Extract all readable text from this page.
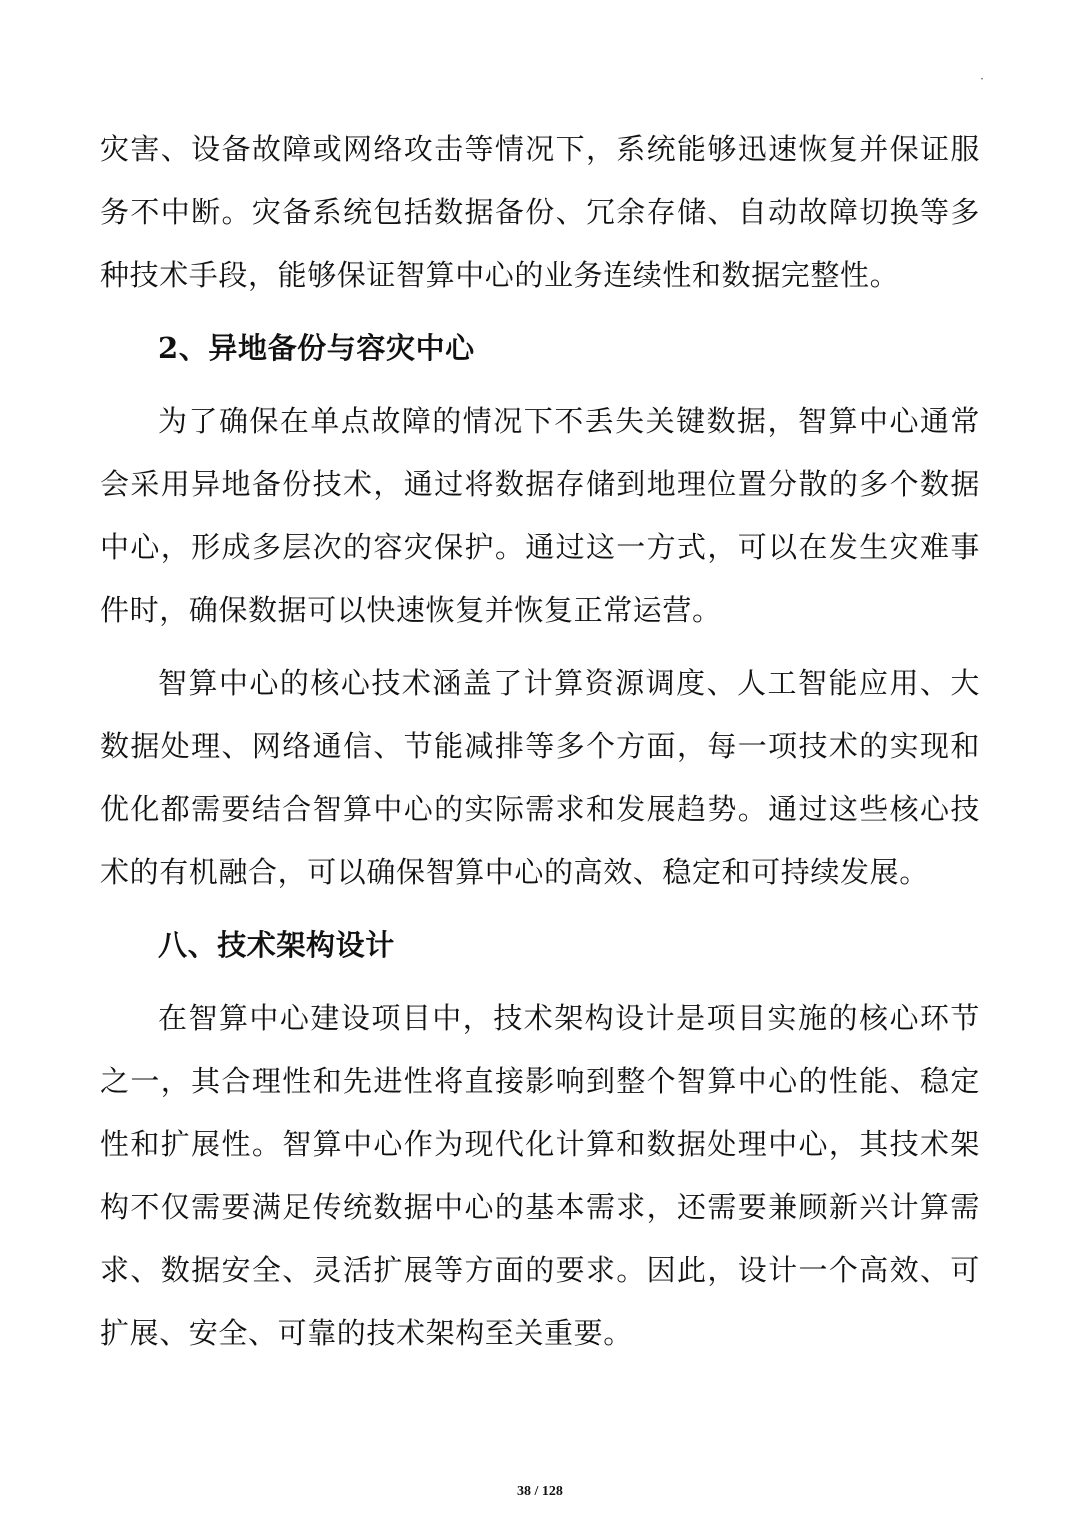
·

灾害、设备故障或网络攻击等情况下，系统能够迅速恢复并保证服务不中断。灾备系统包括数据备份、冗余存储、自动故障切换等多种技术手段，能够保证智算中心的业务连续性和数据完整性。

2、异地备份与容灾中心

为了确保在单点故障的情况下不丢失关键数据，智算中心通常会采用异地备份技术，通过将数据存储到地理位置分散的多个数据中心，形成多层次的容灾保护。通过这一方式，可以在发生灾难事件时，确保数据可以快速恢复并恢复正常运营。

智算中心的核心技术涵盖了计算资源调度、人工智能应用、大数据处理、网络通信、节能减排等多个方面，每一项技术的实现和优化都需要结合智算中心的实际需求和发展趋势。通过这些核心技术的有机融合，可以确保智算中心的高效、稳定和可持续发展。

八、技术架构设计

在智算中心建设项目中，技术架构设计是项目实施的核心环节之一，其合理性和先进性将直接影响到整个智算中心的性能、稳定性和扩展性。智算中心作为现代化计算和数据处理中心，其技术架构不仅需要满足传统数据中心的基本需求，还需要兼顾新兴计算需求、数据安全、灵活扩展等方面的要求。因此，设计一个高效、可扩展、安全、可靠的技术架构至关重要。

38 / 128
